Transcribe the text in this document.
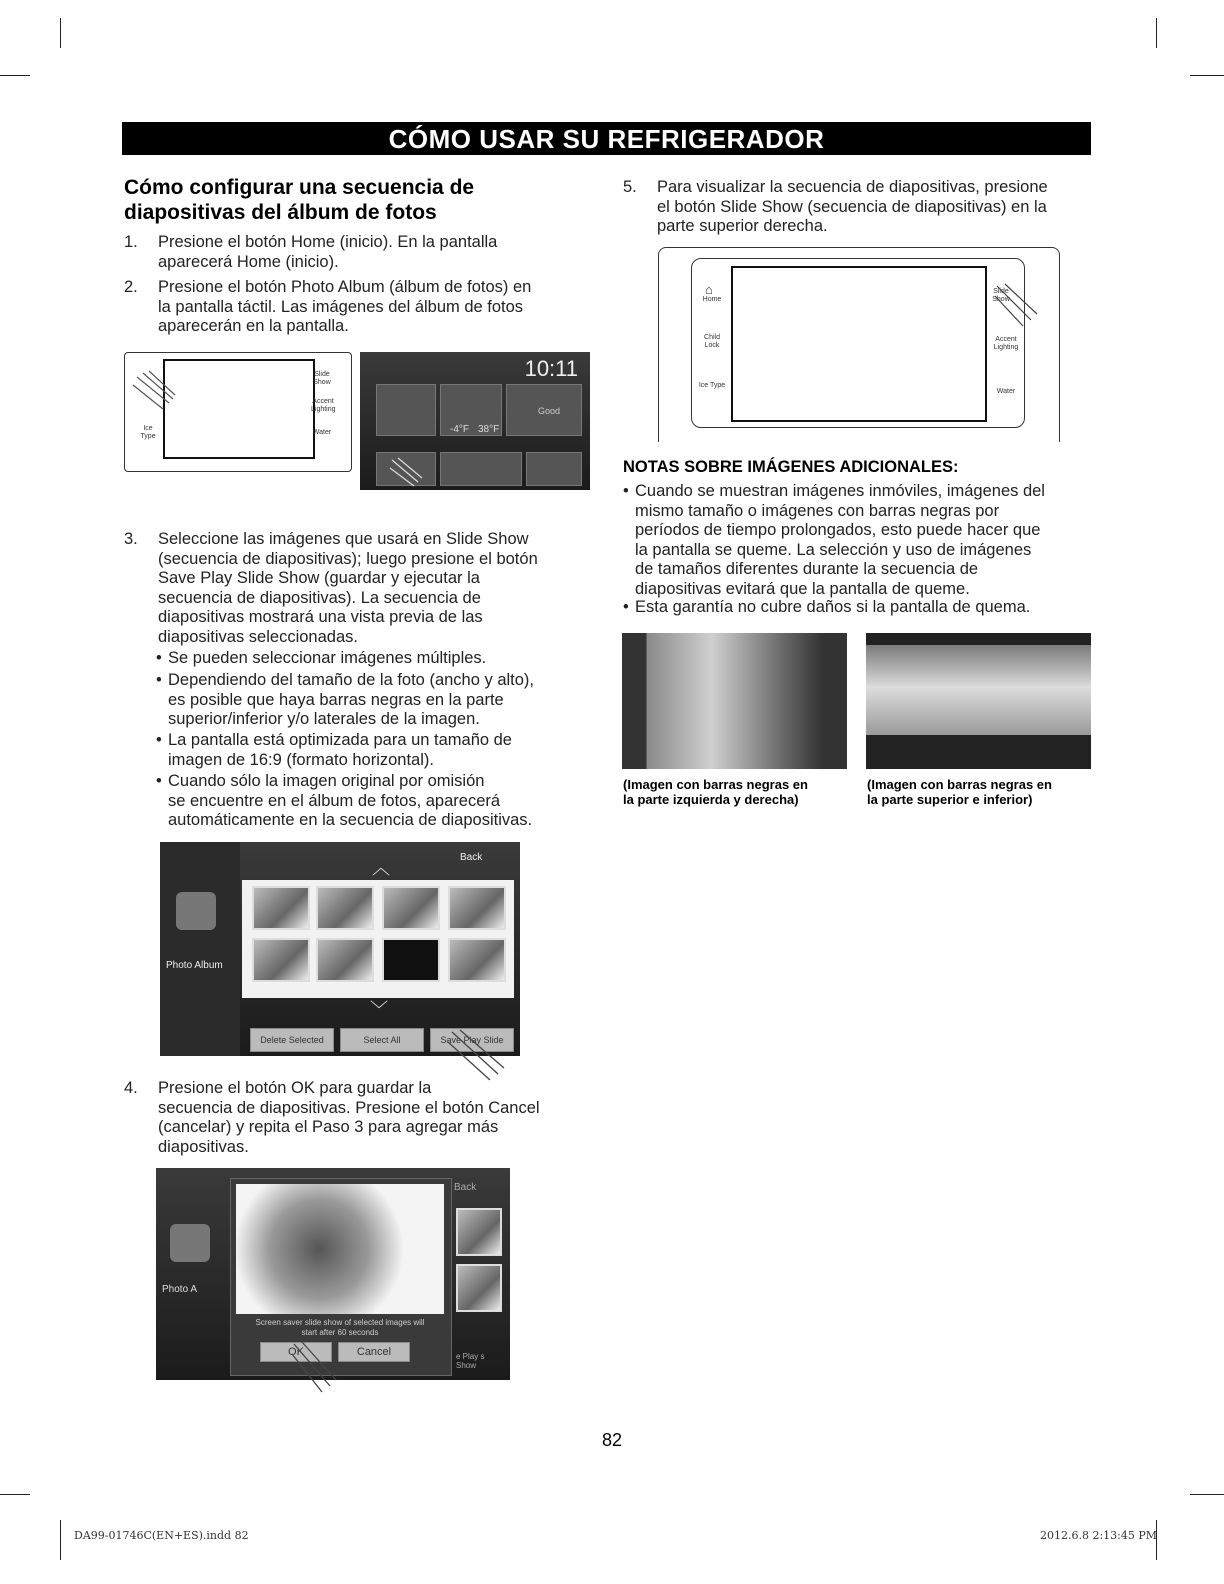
CÓMO USAR SU REFRIGERADOR
Cómo configurar una secuencia de diapositivas del álbum de fotos
1. Presione el botón Home (inicio). En la pantalla
aparecerá Home (inicio).
2. Presione el botón Photo Album (álbum de fotos) en
la pantalla táctil. Las imágenes del álbum de fotos
aparecerán en la pantalla.
Slide Show
Accent Lighting
Water
Ice Type
10:11
-4°F 38°F
Good
3. Seleccione las imágenes que usará en Slide Show
(secuencia de diapositivas); luego presione el botón
Save Play Slide Show (guardar y ejecutar la
secuencia de diapositivas). La secuencia de
diapositivas mostrará una vista previa de las
diapositivas seleccionadas.
• Se pueden seleccionar imágenes múltiples.
• Dependiendo del tamaño de la foto (ancho y alto),
es posible que haya barras negras en la parte
superior/inferior y/o laterales de la imagen.
• La pantalla está optimizada para un tamaño de
imagen de 16:9 (formato horizontal).
• Cuando sólo la imagen original por omisión
se encuentre en el álbum de fotos, aparecerá
automáticamente en la secuencia de diapositivas.
Photo Album
Back
︿
﹀
Delete Selected	Select All	Save Play Slide
4. Presione el botón OK para guardar la
secuencia de diapositivas. Presione el botón Cancel
(cancelar) y repita el Paso 3 para agregar más
diapositivas.
Photo A
Back
Screen saver slide show of selected images will start after 60 seconds
OK	Cancel	e Play s Show
5. Para visualizar la secuencia de diapositivas, presione
el botón Slide Show (secuencia de diapositivas) en la
parte superior derecha.
Home
Child Lock
Ice Type
Slide Show
Accent Lighting
Water
⌂
NOTAS SOBRE IMÁGENES ADICIONALES:
• Cuando se muestran imágenes inmóviles, imágenes del
mismo tamaño o imágenes con barras negras por
períodos de tiempo prolongados, esto puede hacer que
la pantalla se queme. La selección y uso de imágenes
de tamaños diferentes durante la secuencia de
diapositivas evitará que la pantalla de queme.
• Esta garantía no cubre daños si la pantalla de quema.
(Imagen con barras negras en
la parte izquierda y derecha)
(Imagen con barras negras en
la parte superior e inferior)
82
DA99-01746C(EN+ES).indd 82	2012.6.8 2:13:45 PM
